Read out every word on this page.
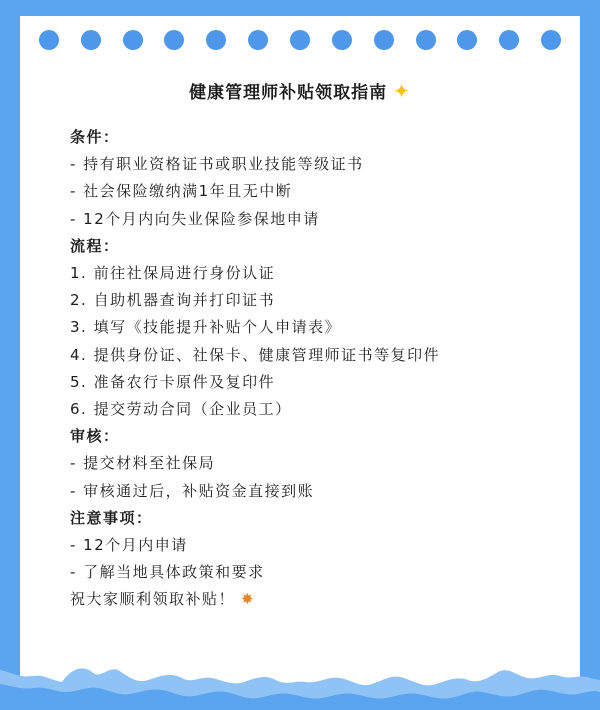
健康管理师补贴领取指南 ✦
条件：
- 持有职业资格证书或职业技能等级证书
- 社会保险缴纳满1年且无中断
- 12个月内向失业保险参保地申请
流程：
1. 前往社保局进行身份认证
2. 自助机器查询并打印证书
3. 填写《技能提升补贴个人申请表》
4. 提供身份证、社保卡、健康管理师证书等复印件
5. 准备农行卡原件及复印件
6. 提交劳动合同（企业员工）
审核：
- 提交材料至社保局
- 审核通过后，补贴资金直接到账
注意事项：
- 12个月内申请
- 了解当地具体政策和要求
祝大家顺利领取补贴！ ✸
